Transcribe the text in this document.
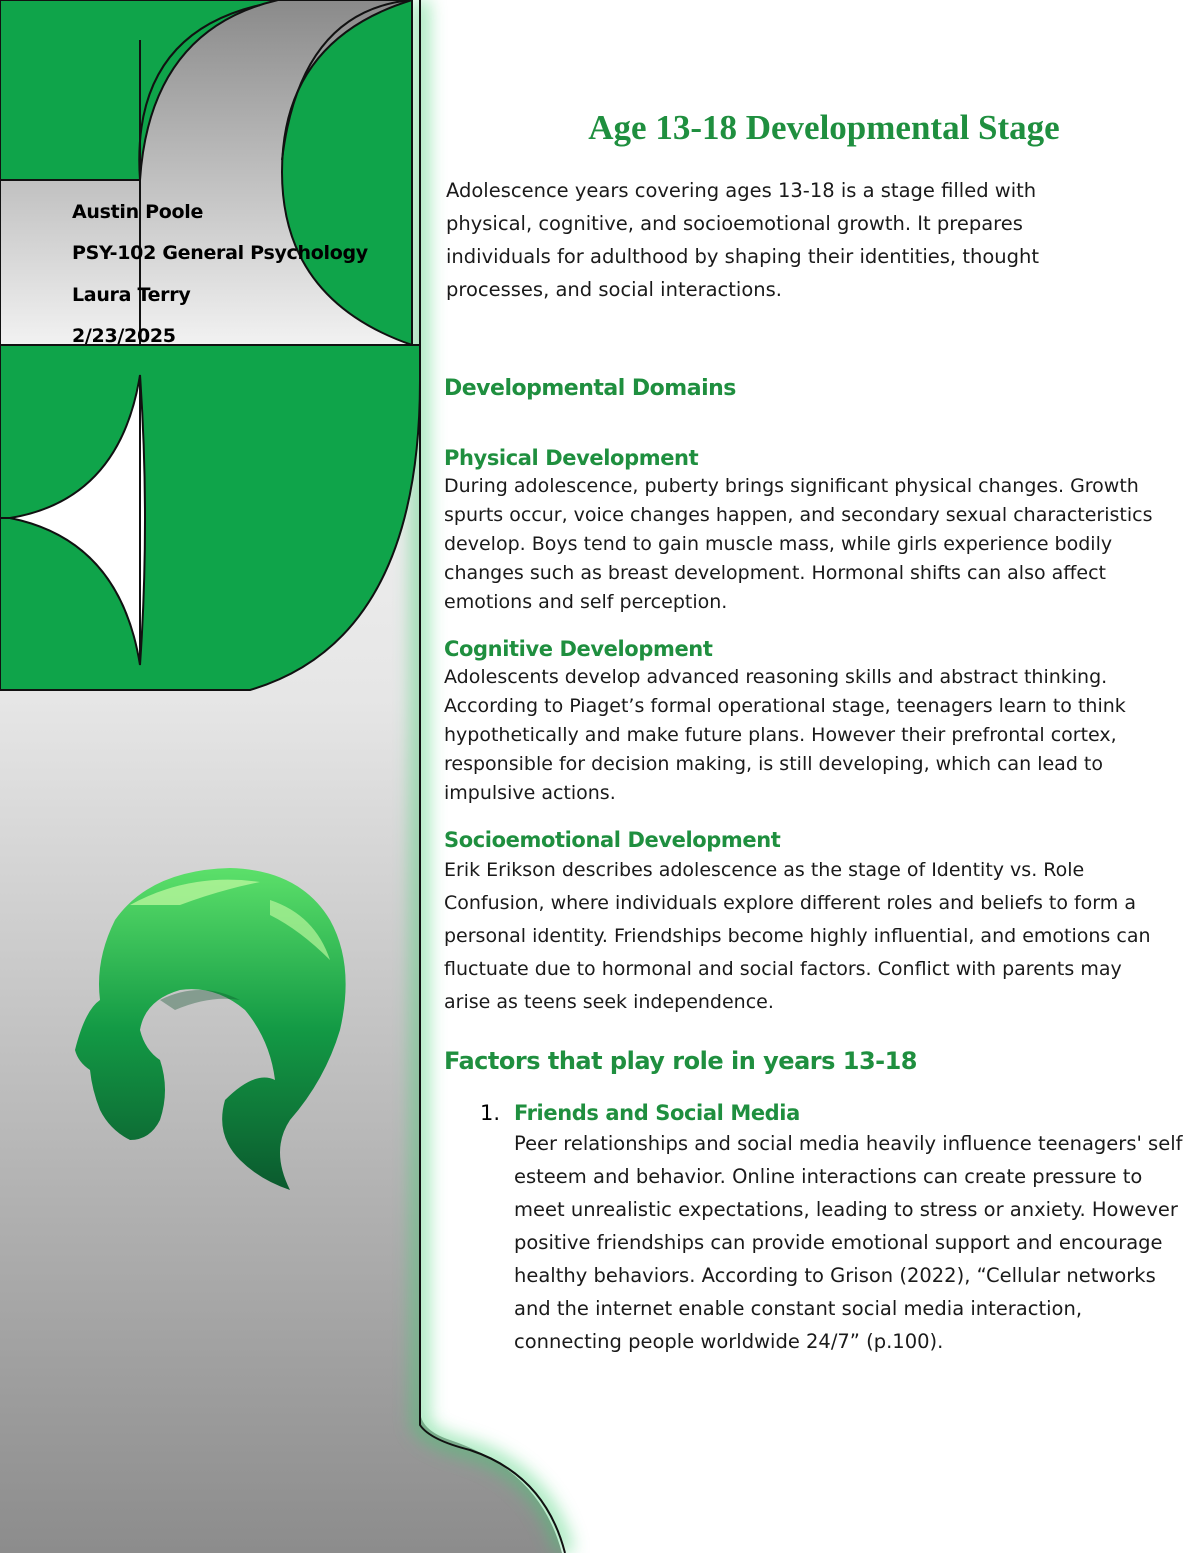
Austin Poole
PSY-102 General Psychology
Laura Terry
2/23/2025
Age 13-18 Developmental Stage

Adolescence years covering ages 13-18 is a stage filled with physical, cognitive, and socioemotional growth. It prepares individuals for adulthood by shaping their identities, thought processes, and social interactions.

Developmental Domains
Physical Development

During adolescence, puberty brings significant physical changes. Growth spurts occur, voice changes happen, and secondary sexual characteristics develop. Boys tend to gain muscle mass, while girls experience bodily changes such as breast development. Hormonal shifts can also affect emotions and self perception.

Cognitive Development

Adolescents develop advanced reasoning skills and abstract thinking. According to Piaget’s formal operational stage, teenagers learn to think hypothetically and make future plans. However their prefrontal cortex, responsible for decision making, is still developing, which can lead to impulsive actions.

Socioemotional Development

Erik Erikson describes adolescence as the stage of Identity vs. Role Confusion, where individuals explore different roles and beliefs to form a personal identity. Friendships become highly influential, and emotions can fluctuate due to hormonal and social factors. Conflict with parents may arise as teens seek independence.

Factors that play role in years 13-18
1. Friends and Social Media

Peer relationships and social media heavily influence teenagers' self esteem and behavior. Online interactions can create pressure to meet unrealistic expectations, leading to stress or anxiety. However positive friendships can provide emotional support and encourage healthy behaviors. According to Grison (2022), “Cellular networks and the internet enable constant social media interaction, connecting people worldwide 24/7” (p.100).
